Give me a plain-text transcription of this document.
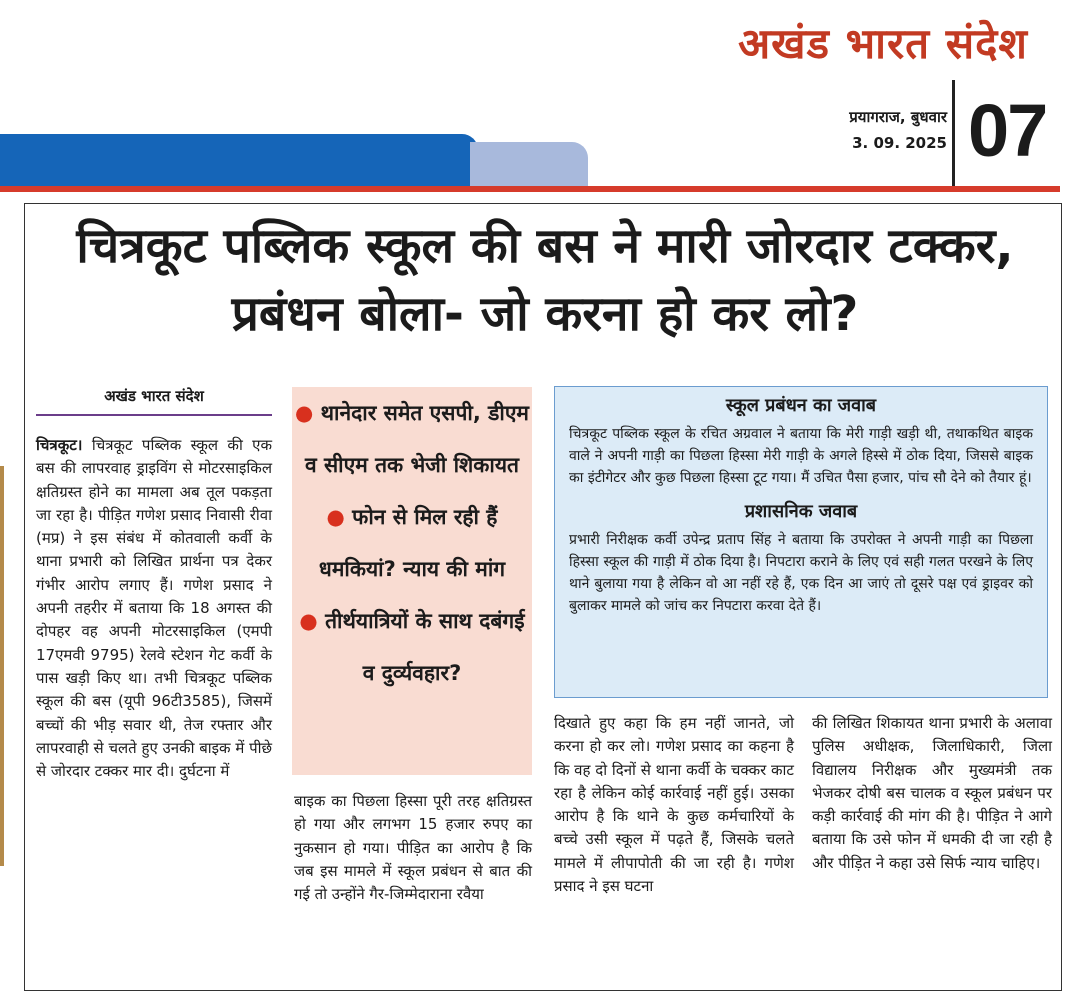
अखंड भारत संदेश
प्रयागराज, बुधवार
3. 09. 2025 07
चित्रकूट पब्लिक स्कूल की बस ने मारी जोरदार टक्कर, प्रबंधन बोला- जो करना हो कर लो?
अखंड भारत संदेश
चित्रकूट। चित्रकूट पब्लिक स्कूल की एक बस की लापरवाह ड्राइविंग से मोटरसाइकिल क्षतिग्रस्त होने का मामला अब तूल पकड़ता जा रहा है। पीड़ित गणेश प्रसाद निवासी रीवा (मप्र) ने इस संबंध में कोतवाली कर्वी के थाना प्रभारी को लिखित प्रार्थना पत्र देकर गंभीर आरोप लगाए हैं। गणेश प्रसाद ने अपनी तहरीर में बताया कि 18 अगस्त की दोपहर वह अपनी मोटरसाइकिल (एमपी 17एमवी 9795) रेलवे स्टेशन गेट कर्वी के पास खड़ी किए था। तभी चित्रकूट पब्लिक स्कूल की बस (यूपी 96टी3585), जिसमें बच्चों की भीड़ सवार थी, तेज रफ्तार और लापरवाही से चलते हुए उनकी बाइक में पीछे से जोरदार टक्कर मार दी। दुर्घटना में

● थानेदार समेत एसपी, डीएम व सीएम तक भेजी शिकायत

● फोन से मिल रही हैं धमकियां? न्याय की मांग

● तीर्थयात्रियों के साथ दबंगई व दुर्व्यवहार?

बाइक का पिछला हिस्सा पूरी तरह क्षतिग्रस्त हो गया और लगभग 15 हजार रुपए का नुकसान हो गया। पीड़ित का आरोप है कि जब इस मामले में स्कूल प्रबंधन से बात की गई तो उन्होंने गैर-जिम्मेदाराना रवैया
स्कूल प्रबंधन का जवाब
चित्रकूट पब्लिक स्कूल के रचित अग्रवाल ने बताया कि मेरी गाड़ी खड़ी थी, तथाकथित बाइक वाले ने अपनी गाड़ी का पिछला हिस्सा मेरी गाड़ी के अगले हिस्से में ठोक दिया, जिससे बाइक का इंटीगेटर और कुछ पिछला हिस्सा टूट गया। मैं उचित पैसा हजार, पांच सौ देने को तैयार हूं।
प्रशासनिक जवाब
प्रभारी निरीक्षक कर्वी उपेन्द्र प्रताप सिंह ने बताया कि उपरोक्त ने अपनी गाड़ी का पिछला हिस्सा स्कूल की गाड़ी में ठोक दिया है। निपटारा कराने के लिए एवं सही गलत परखने के लिए थाने बुलाया गया है लेकिन वो आ नहीं रहे हैं, एक दिन आ जाएं तो दूसरे पक्ष एवं ड्राइवर को बुलाकर मामले को जांच कर निपटारा करवा देते हैं।
दिखाते हुए कहा कि हम नहीं जानते, जो करना हो कर लो। गणेश प्रसाद का कहना है कि वह दो दिनों से थाना कर्वी के चक्कर काट रहा है लेकिन कोई कार्रवाई नहीं हुई। उसका आरोप है कि थाने के कुछ कर्मचारियों के बच्चे उसी स्कूल में पढ़ते हैं, जिसके चलते मामले में लीपापोती की जा रही है। गणेश प्रसाद ने इस घटना
की लिखित शिकायत थाना प्रभारी के अलावा पुलिस अधीक्षक, जिलाधिकारी, जिला विद्यालय निरीक्षक और मुख्यमंत्री तक भेजकर दोषी बस चालक व स्कूल प्रबंधन पर कड़ी कार्रवाई की मांग की है। पीड़ित ने आगे बताया कि उसे फोन में धमकी दी जा रही है और पीड़ित ने कहा उसे सिर्फ न्याय चाहिए।
